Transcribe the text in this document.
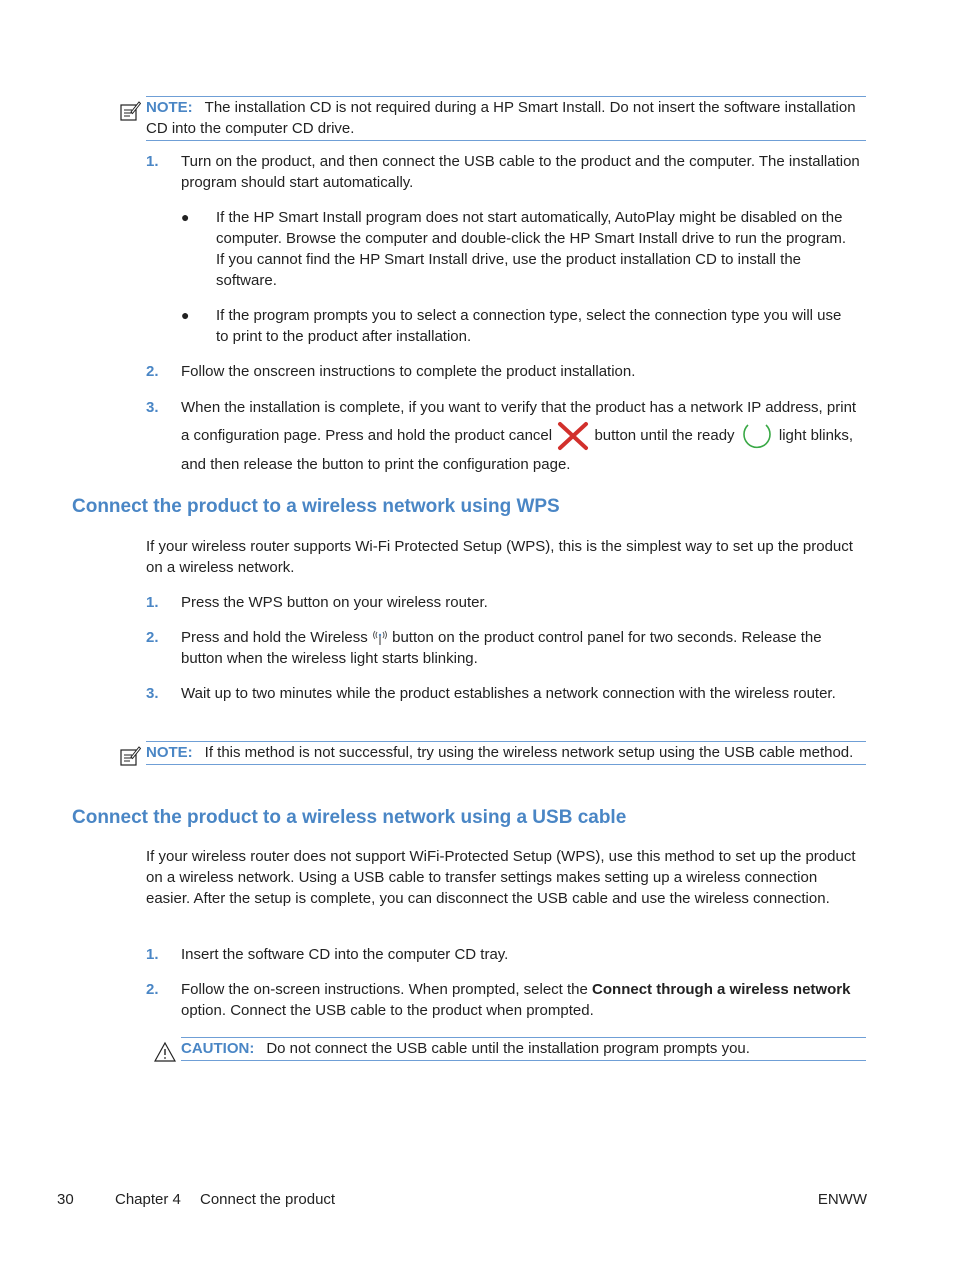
NOTE: The installation CD is not required during a HP Smart Install. Do not insert the software installation CD into the computer CD drive.
1. Turn on the product, and then connect the USB cable to the product and the computer. The installation program should start automatically.
● If the HP Smart Install program does not start automatically, AutoPlay might be disabled on the computer. Browse the computer and double-click the HP Smart Install drive to run the program. If you cannot find the HP Smart Install drive, use the product installation CD to install the software.
● If the program prompts you to select a connection type, select the connection type you will use to print to the product after installation.
2. Follow the onscreen instructions to complete the product installation.
3. When the installation is complete, if you want to verify that the product has a network IP address, print a configuration page. Press and hold the product cancel	button until the ready	light blinks, and then release the button to print the configuration page.
Connect the product to a wireless network using WPS
If your wireless router supports Wi-Fi Protected Setup (WPS), this is the simplest way to set up the product on a wireless network.
1. Press the WPS button on your wireless router.
2. Press and hold the Wireless button on the product control panel for two seconds. Release the button when the wireless light starts blinking.
3. Wait up to two minutes while the product establishes a network connection with the wireless router.
NOTE: If this method is not successful, try using the wireless network setup using the USB cable method.
Connect the product to a wireless network using a USB cable
If your wireless router does not support WiFi-Protected Setup (WPS), use this method to set up the product on a wireless network. Using a USB cable to transfer settings makes setting up a wireless connection easier. After the setup is complete, you can disconnect the USB cable and use the wireless connection.
1. Insert the software CD into the computer CD tray.
2. Follow the on-screen instructions. When prompted, select the Connect through a wireless network option. Connect the USB cable to the product when prompted.
CAUTION: Do not connect the USB cable until the installation program prompts you.
30	Chapter 4 Connect the product	ENWW
